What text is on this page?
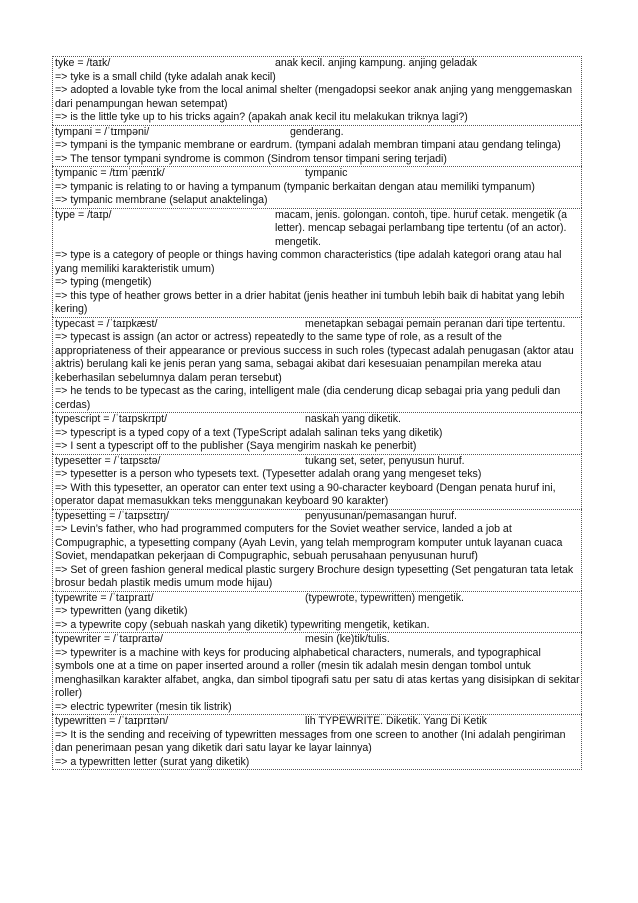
tyke = /taɪk/	anak kecil. anjing kampung. anjing geladak
=> tyke is a small child (tyke adalah anak kecil)
=> adopted a lovable tyke from the local animal shelter (mengadopsi seekor anak anjing yang menggemaskan dari penampungan hewan setempat)
=> is the little tyke up to his tricks again? (apakah anak kecil itu melakukan triknya lagi?)
tympani = /ˈtɪmpəni/	genderang.
=> tympani is the tympanic membrane or eardrum. (tympani adalah membran timpani atau gendang telinga)
=> The tensor tympani syndrome is common (Sindrom tensor timpani sering terjadi)
tympanic = /tɪmˈpænɪk/	tympanic
=> tympanic is relating to or having a tympanum (tympanic berkaitan dengan atau memiliki tympanum)
=> tympanic membrane (selaput anaktelinga)
type = /taɪp/	macam, jenis. golongan. contoh, tipe. huruf cetak. mengetik (a letter). mencap sebagai perlambang tipe tertentu (of an actor). mengetik.
=> type is a category of people or things having common characteristics (tipe adalah kategori orang atau hal yang memiliki karakteristik umum)
=> typing (mengetik)
=> this type of heather grows better in a drier habitat (jenis heather ini tumbuh lebih baik di habitat yang lebih kering)
typecast = /ˈtaɪpkæst/	menetapkan sebagai pemain peranan dari tipe tertentu.
=> typecast is assign (an actor or actress) repeatedly to the same type of role, as a result of the appropriateness of their appearance or previous success in such roles (typecast adalah penugasan (aktor atau aktris) berulang kali ke jenis peran yang sama, sebagai akibat dari kesesuaian penampilan mereka atau keberhasilan sebelumnya dalam peran tersebut)
=> he tends to be typecast as the caring, intelligent male (dia cenderung dicap sebagai pria yang peduli dan cerdas)
typescript = /ˈtaɪpskrɪpt/	naskah yang diketik.
=> typescript is a typed copy of a text (TypeScript adalah salinan teks yang diketik)
=> I sent a typescript off to the publisher (Saya mengirim naskah ke penerbit)
typesetter = /ˈtaɪpsɛtə/	tukang set, seter, penyusun huruf.
=> typesetter is a person who typesets text. (Typesetter adalah orang yang mengeset teks)
=> With this typesetter, an operator can enter text using a 90-character keyboard (Dengan penata huruf ini, operator dapat memasukkan teks menggunakan keyboard 90 karakter)
typesetting = /ˈtaɪpsɛtɪŋ/	penyusunan/pemasangan huruf.
=> Levin’s father, who had programmed computers for the Soviet weather service, landed a job at Compugraphic, a typesetting company (Ayah Levin, yang telah memprogram komputer untuk layanan cuaca Soviet, mendapatkan pekerjaan di Compugraphic, sebuah perusahaan penyusunan huruf)
=> Set of green fashion general medical plastic surgery Brochure design typesetting (Set pengaturan tata letak brosur bedah plastik medis umum mode hijau)
typewrite = /ˈtaɪpraɪt/	(typewrote, typewritten) mengetik.
=> typewritten (yang diketik)
=> a typewrite copy (sebuah naskah yang diketik) typewriting mengetik, ketikan.
typewriter = /ˈtaɪpraɪtə/	mesin (ke)tik/tulis.
=> typewriter is a machine with keys for producing alphabetical characters, numerals, and typographical symbols one at a time on paper inserted around a roller (mesin tik adalah mesin dengan tombol untuk menghasilkan karakter alfabet, angka, dan simbol tipografi satu per satu di atas kertas yang disisipkan di sekitar roller)
=> electric typewriter (mesin tik listrik)
typewritten = /ˈtaɪprɪtən/	lih TYPEWRITE. Diketik. Yang Di Ketik
=> It is the sending and receiving of typewritten messages from one screen to another (Ini adalah pengiriman dan penerimaan pesan yang diketik dari satu layar ke layar lainnya)
=> a typewritten letter (surat yang diketik)
